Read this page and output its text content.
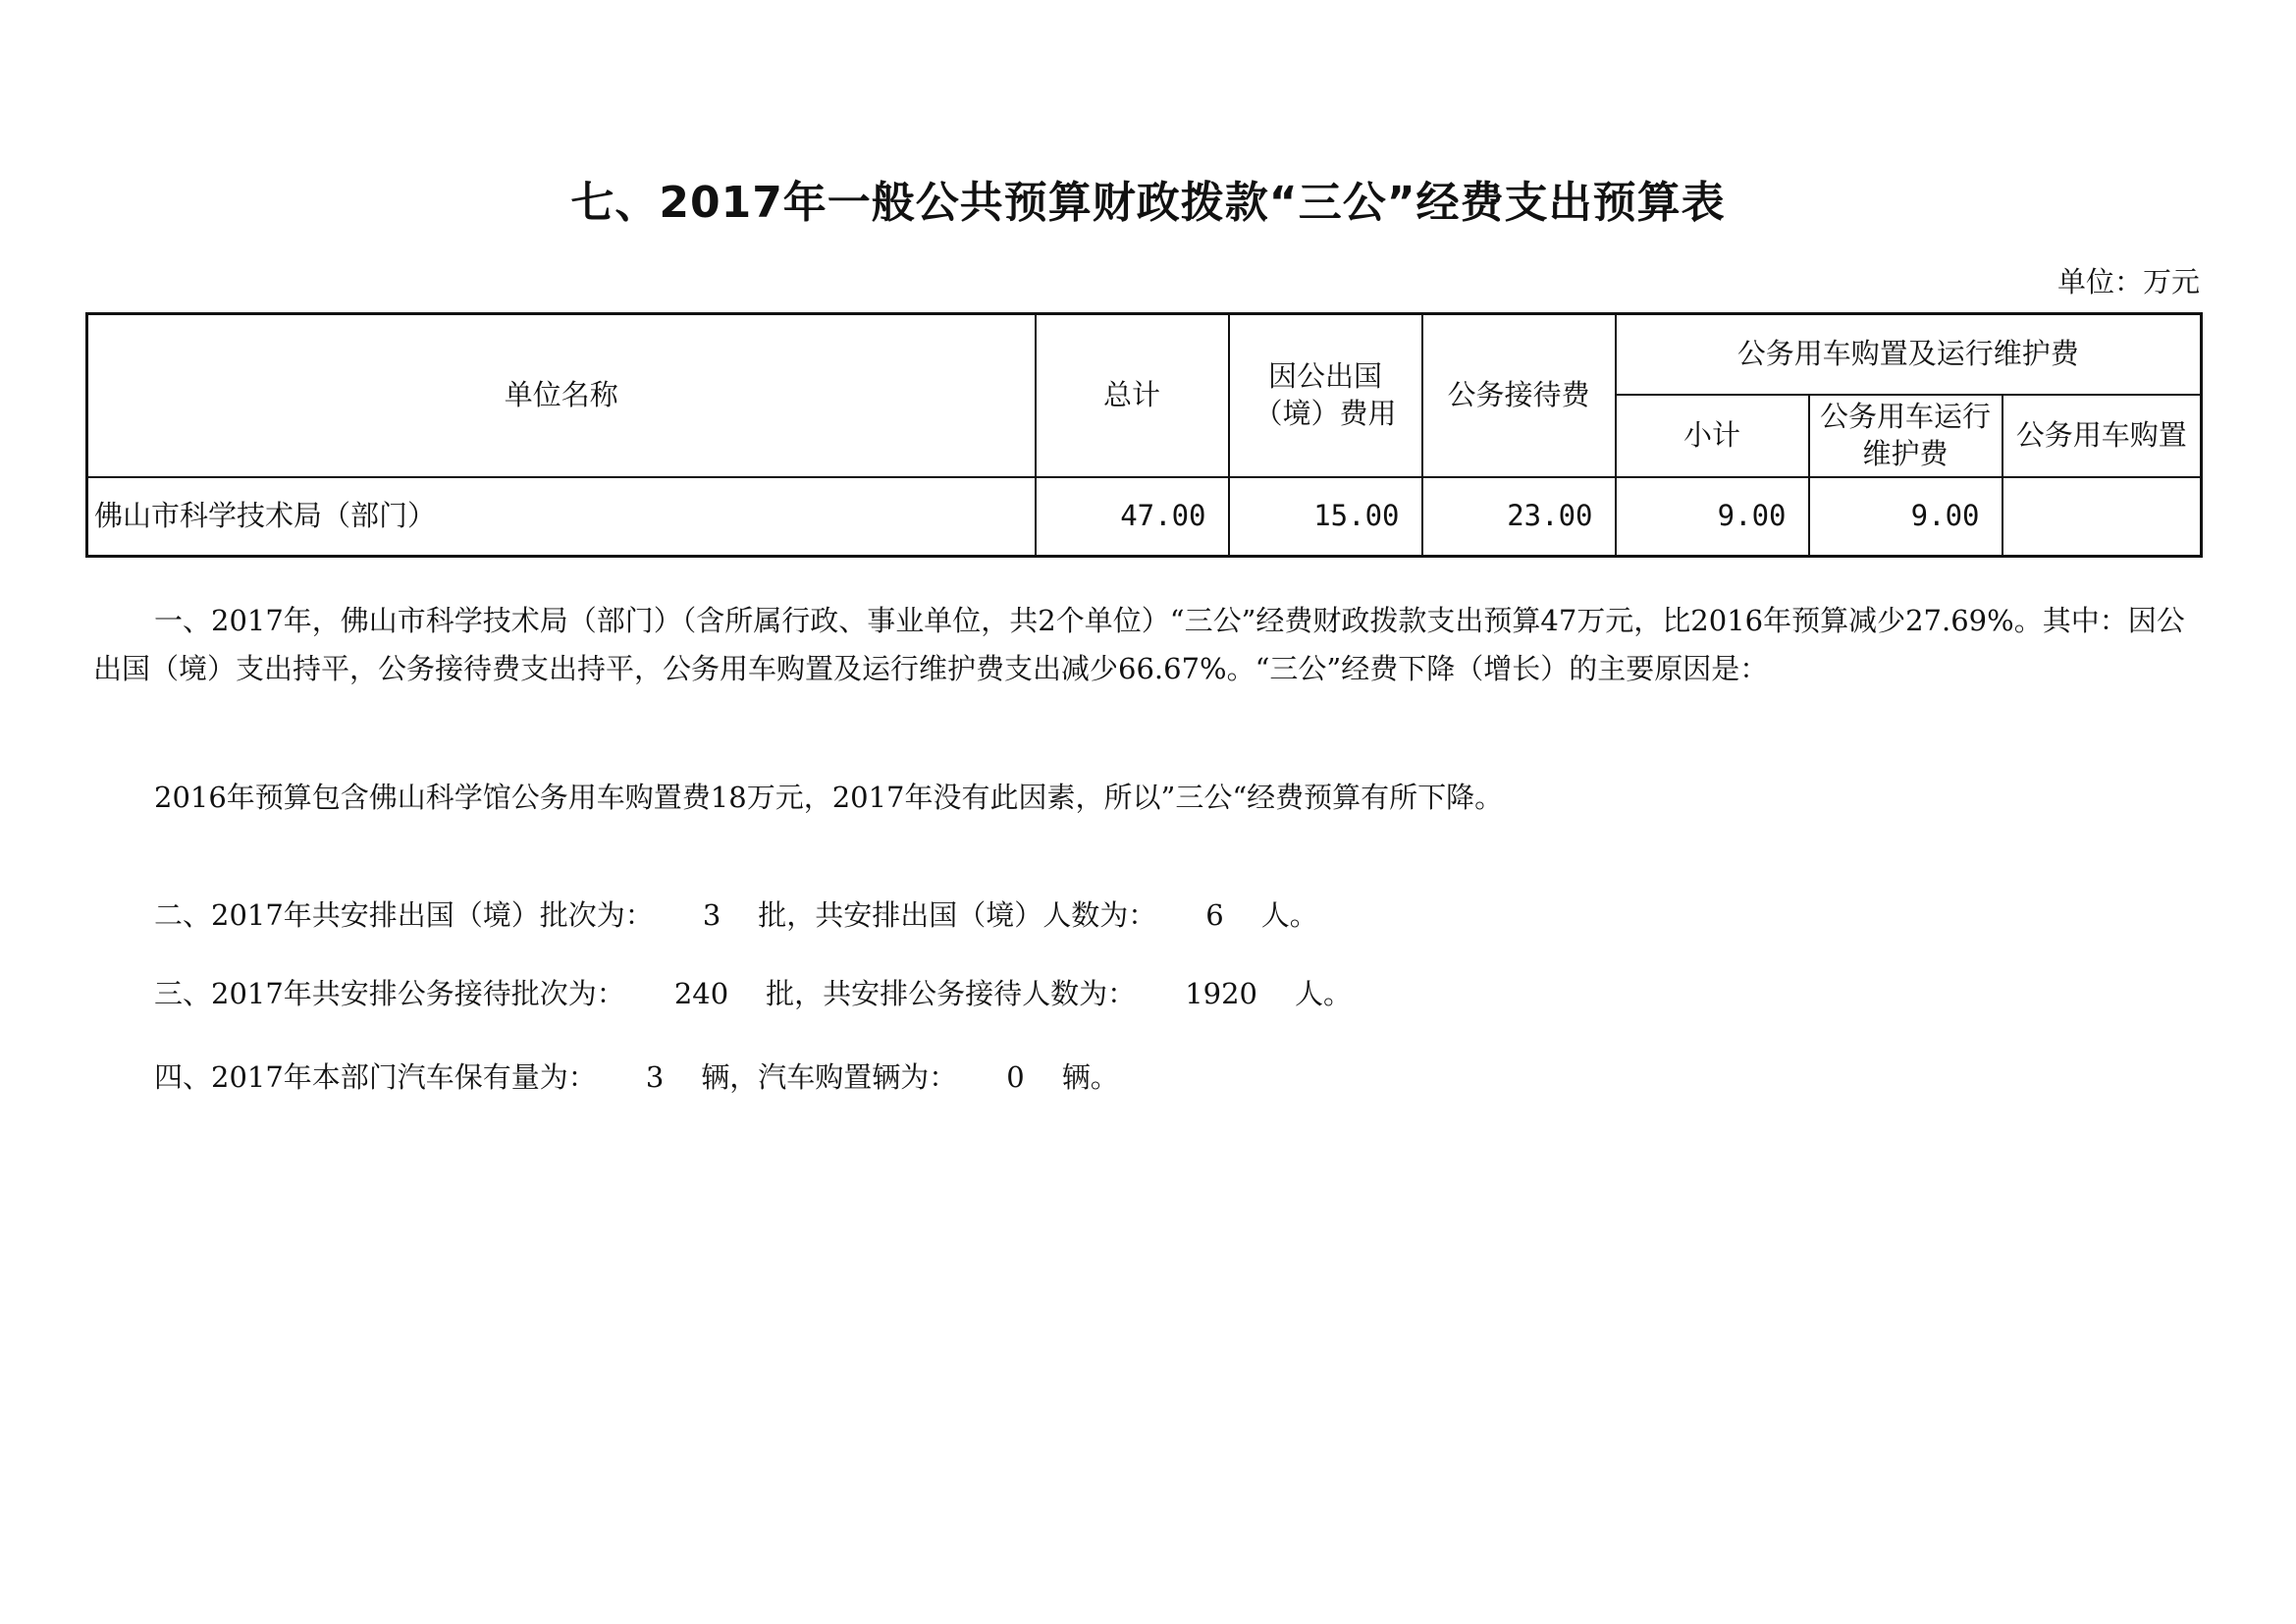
七、2017年一般公共预算财政拨款“三公”经费支出预算表
单位：万元
单位名称	总计	因公出国（境）费用	公务接待费	公务用车购置及运行维护费		
				小计	公务用车运行维护费	公务用车购置
佛山市科学技术局（部门）	47.00	15.00	23.00	9.00	9.00	
一、2017年，佛山市科学技术局（部门）（含所属行政、事业单位，共2个单位）“三公”经费财政拨款支出预算47万元，比2016年预算减少27.69%。其中：因公出国（境）支出持平，公务接待费支出持平，公务用车购置及运行维护费支出减少66.67%。“三公”经费下降（增长）的主要原因是：
2016年预算包含佛山科学馆公务用车购置费18万元，2017年没有此因素，所以”三公“经费预算有所下降。
二、2017年共安排出国（境）批次为： 3 批，共安排出国（境）人数为： 6 人。
三、2017年共安排公务接待批次为： 240 批，共安排公务接待人数为： 1920 人。
四、2017年本部门汽车保有量为： 3 辆，汽车购置辆为： 0 辆。
